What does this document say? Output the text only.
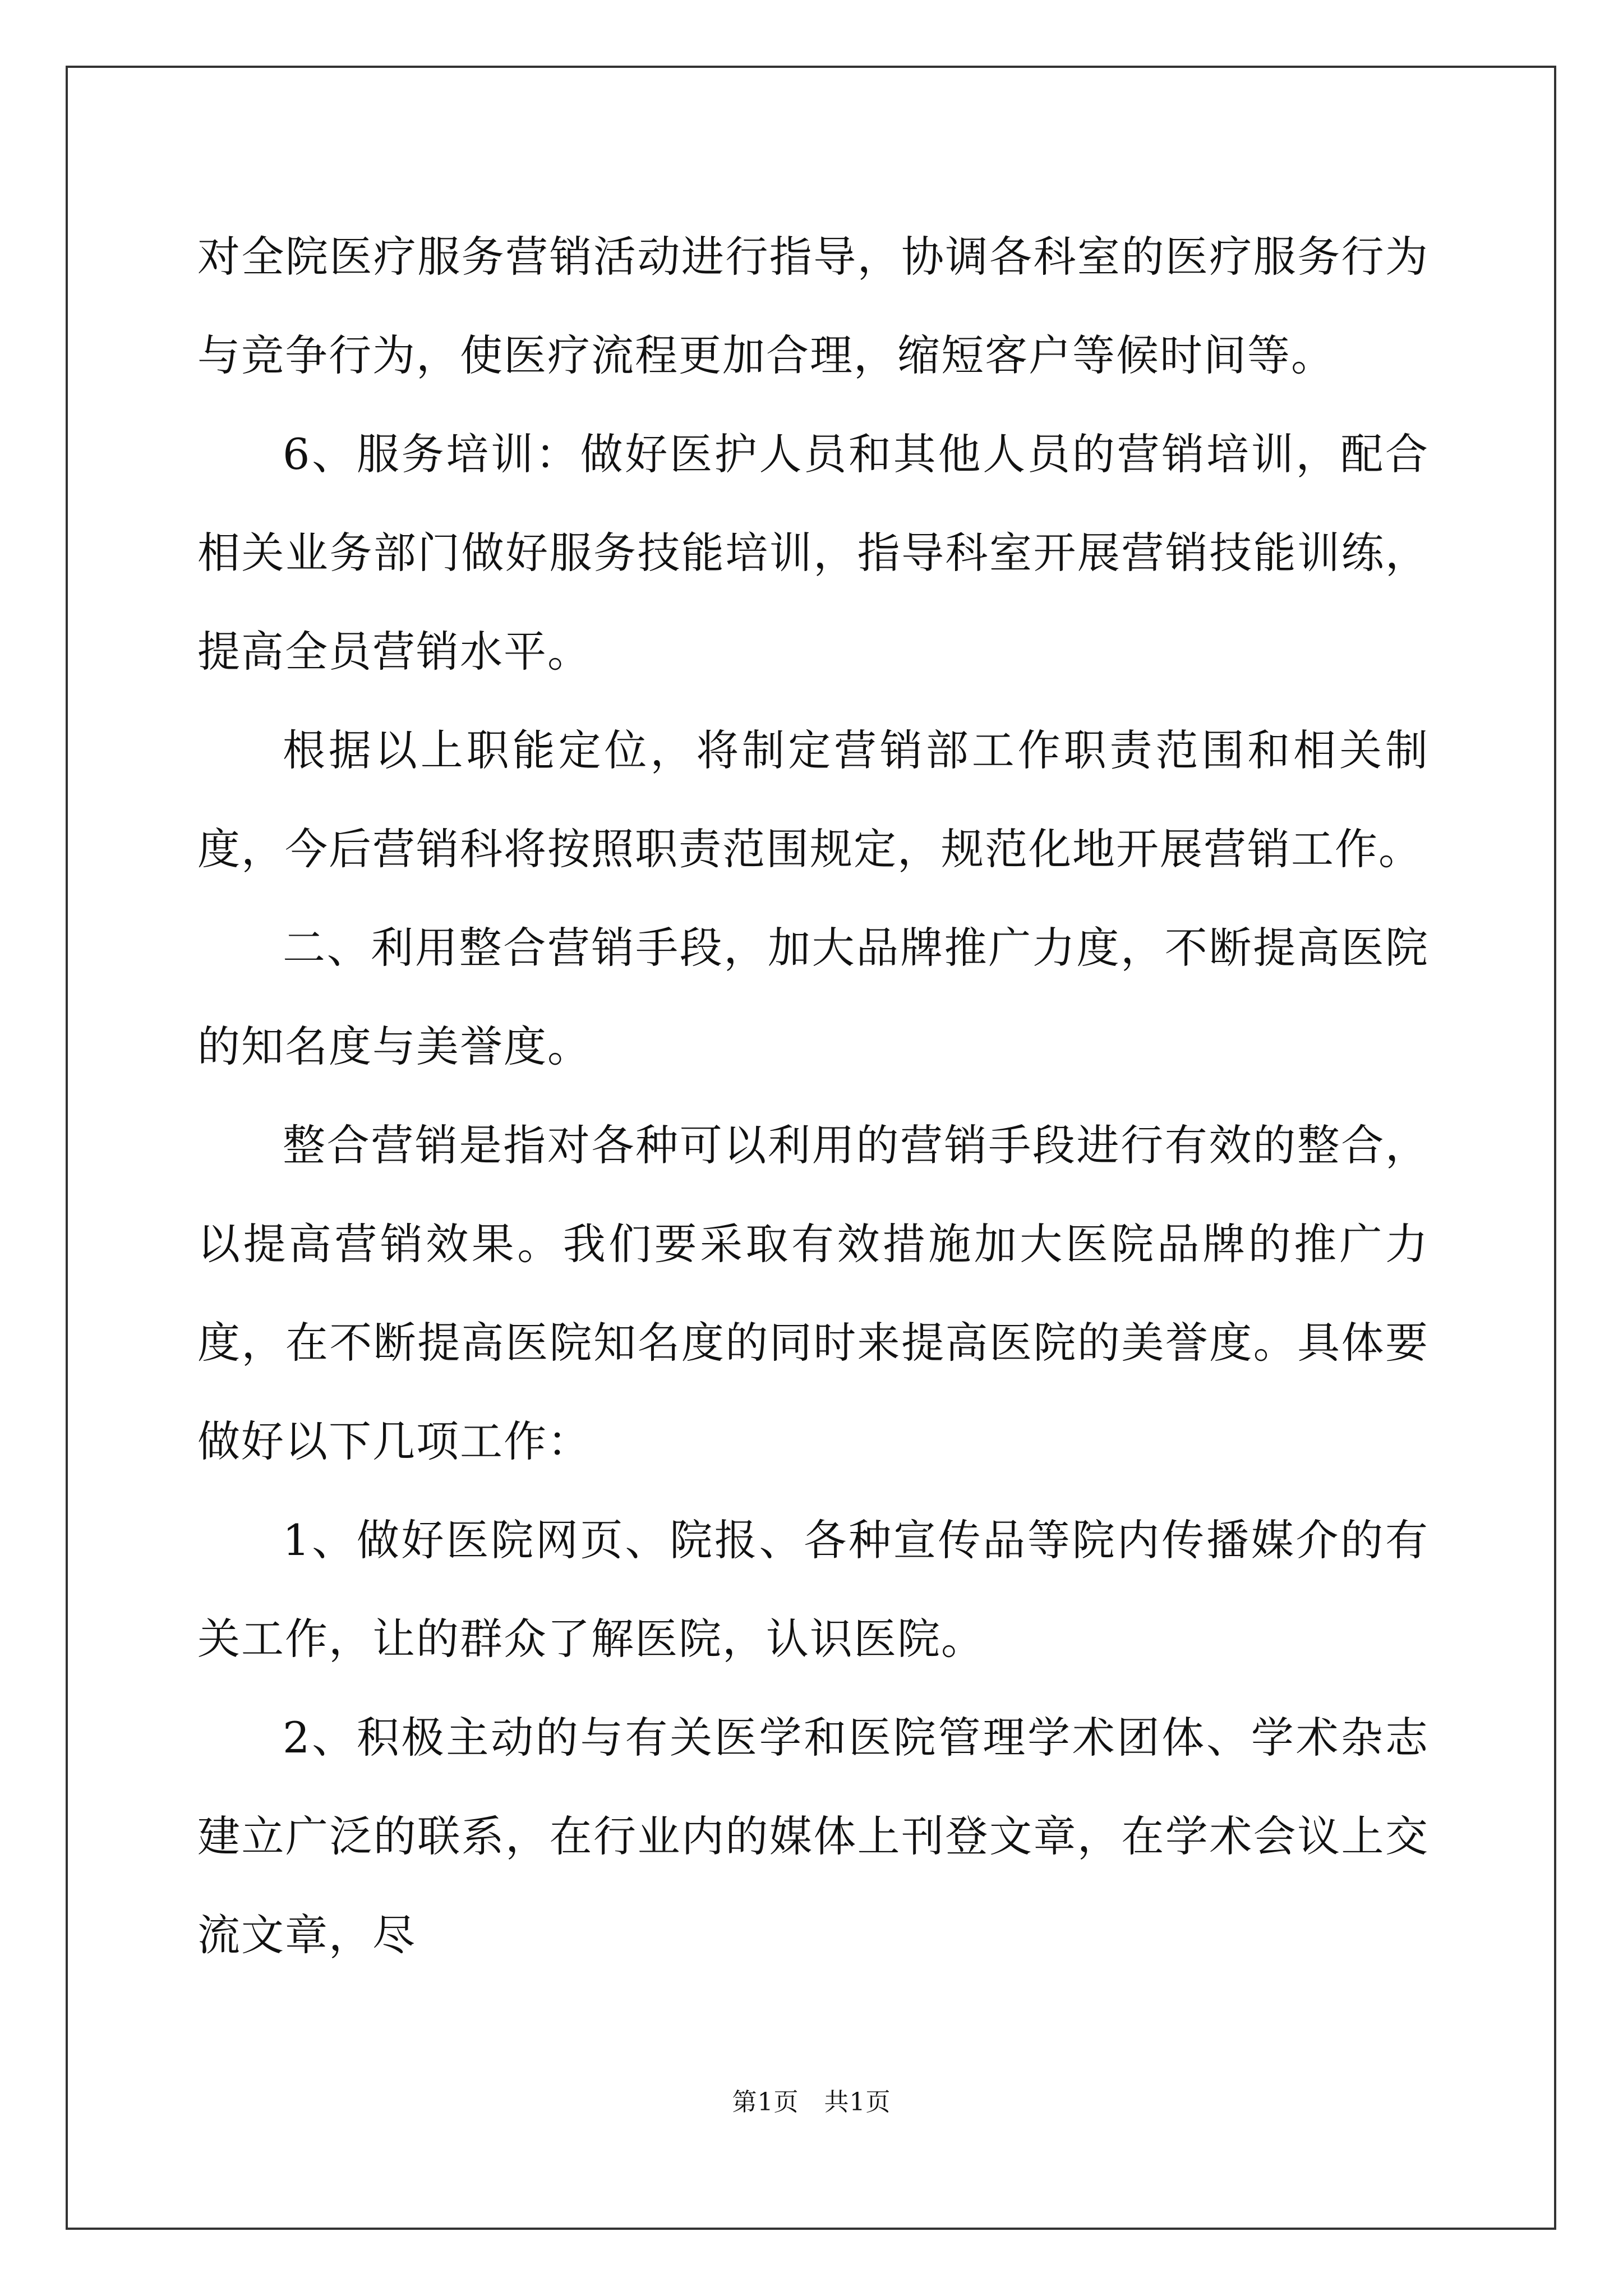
对全院医疗服务营销活动进行指导，协调各科室的医疗服务行为与竞争行为，使医疗流程更加合理，缩短客户等候时间等。

6、服务培训：做好医护人员和其他人员的营销培训，配合相关业务部门做好服务技能培训，指导科室开展营销技能训练，提高全员营销水平。

根据以上职能定位，将制定营销部工作职责范围和相关制度，今后营销科将按照职责范围规定，规范化地开展营销工作。

二、利用整合营销手段，加大品牌推广力度，不断提高医院的知名度与美誉度。

整合营销是指对各种可以利用的营销手段进行有效的整合，以提高营销效果。我们要采取有效措施加大医院品牌的推广力度，在不断提高医院知名度的同时来提高医院的美誉度。具体要做好以下几项工作：

1、做好医院网页、院报、各种宣传品等院内传播媒介的有关工作，让的群众了解医院，认识医院。

2、积极主动的与有关医学和医院管理学术团体、学术杂志建立广泛的联系，在行业内的媒体上刊登文章，在学术会议上交流文章，尽

第1页　共1页
